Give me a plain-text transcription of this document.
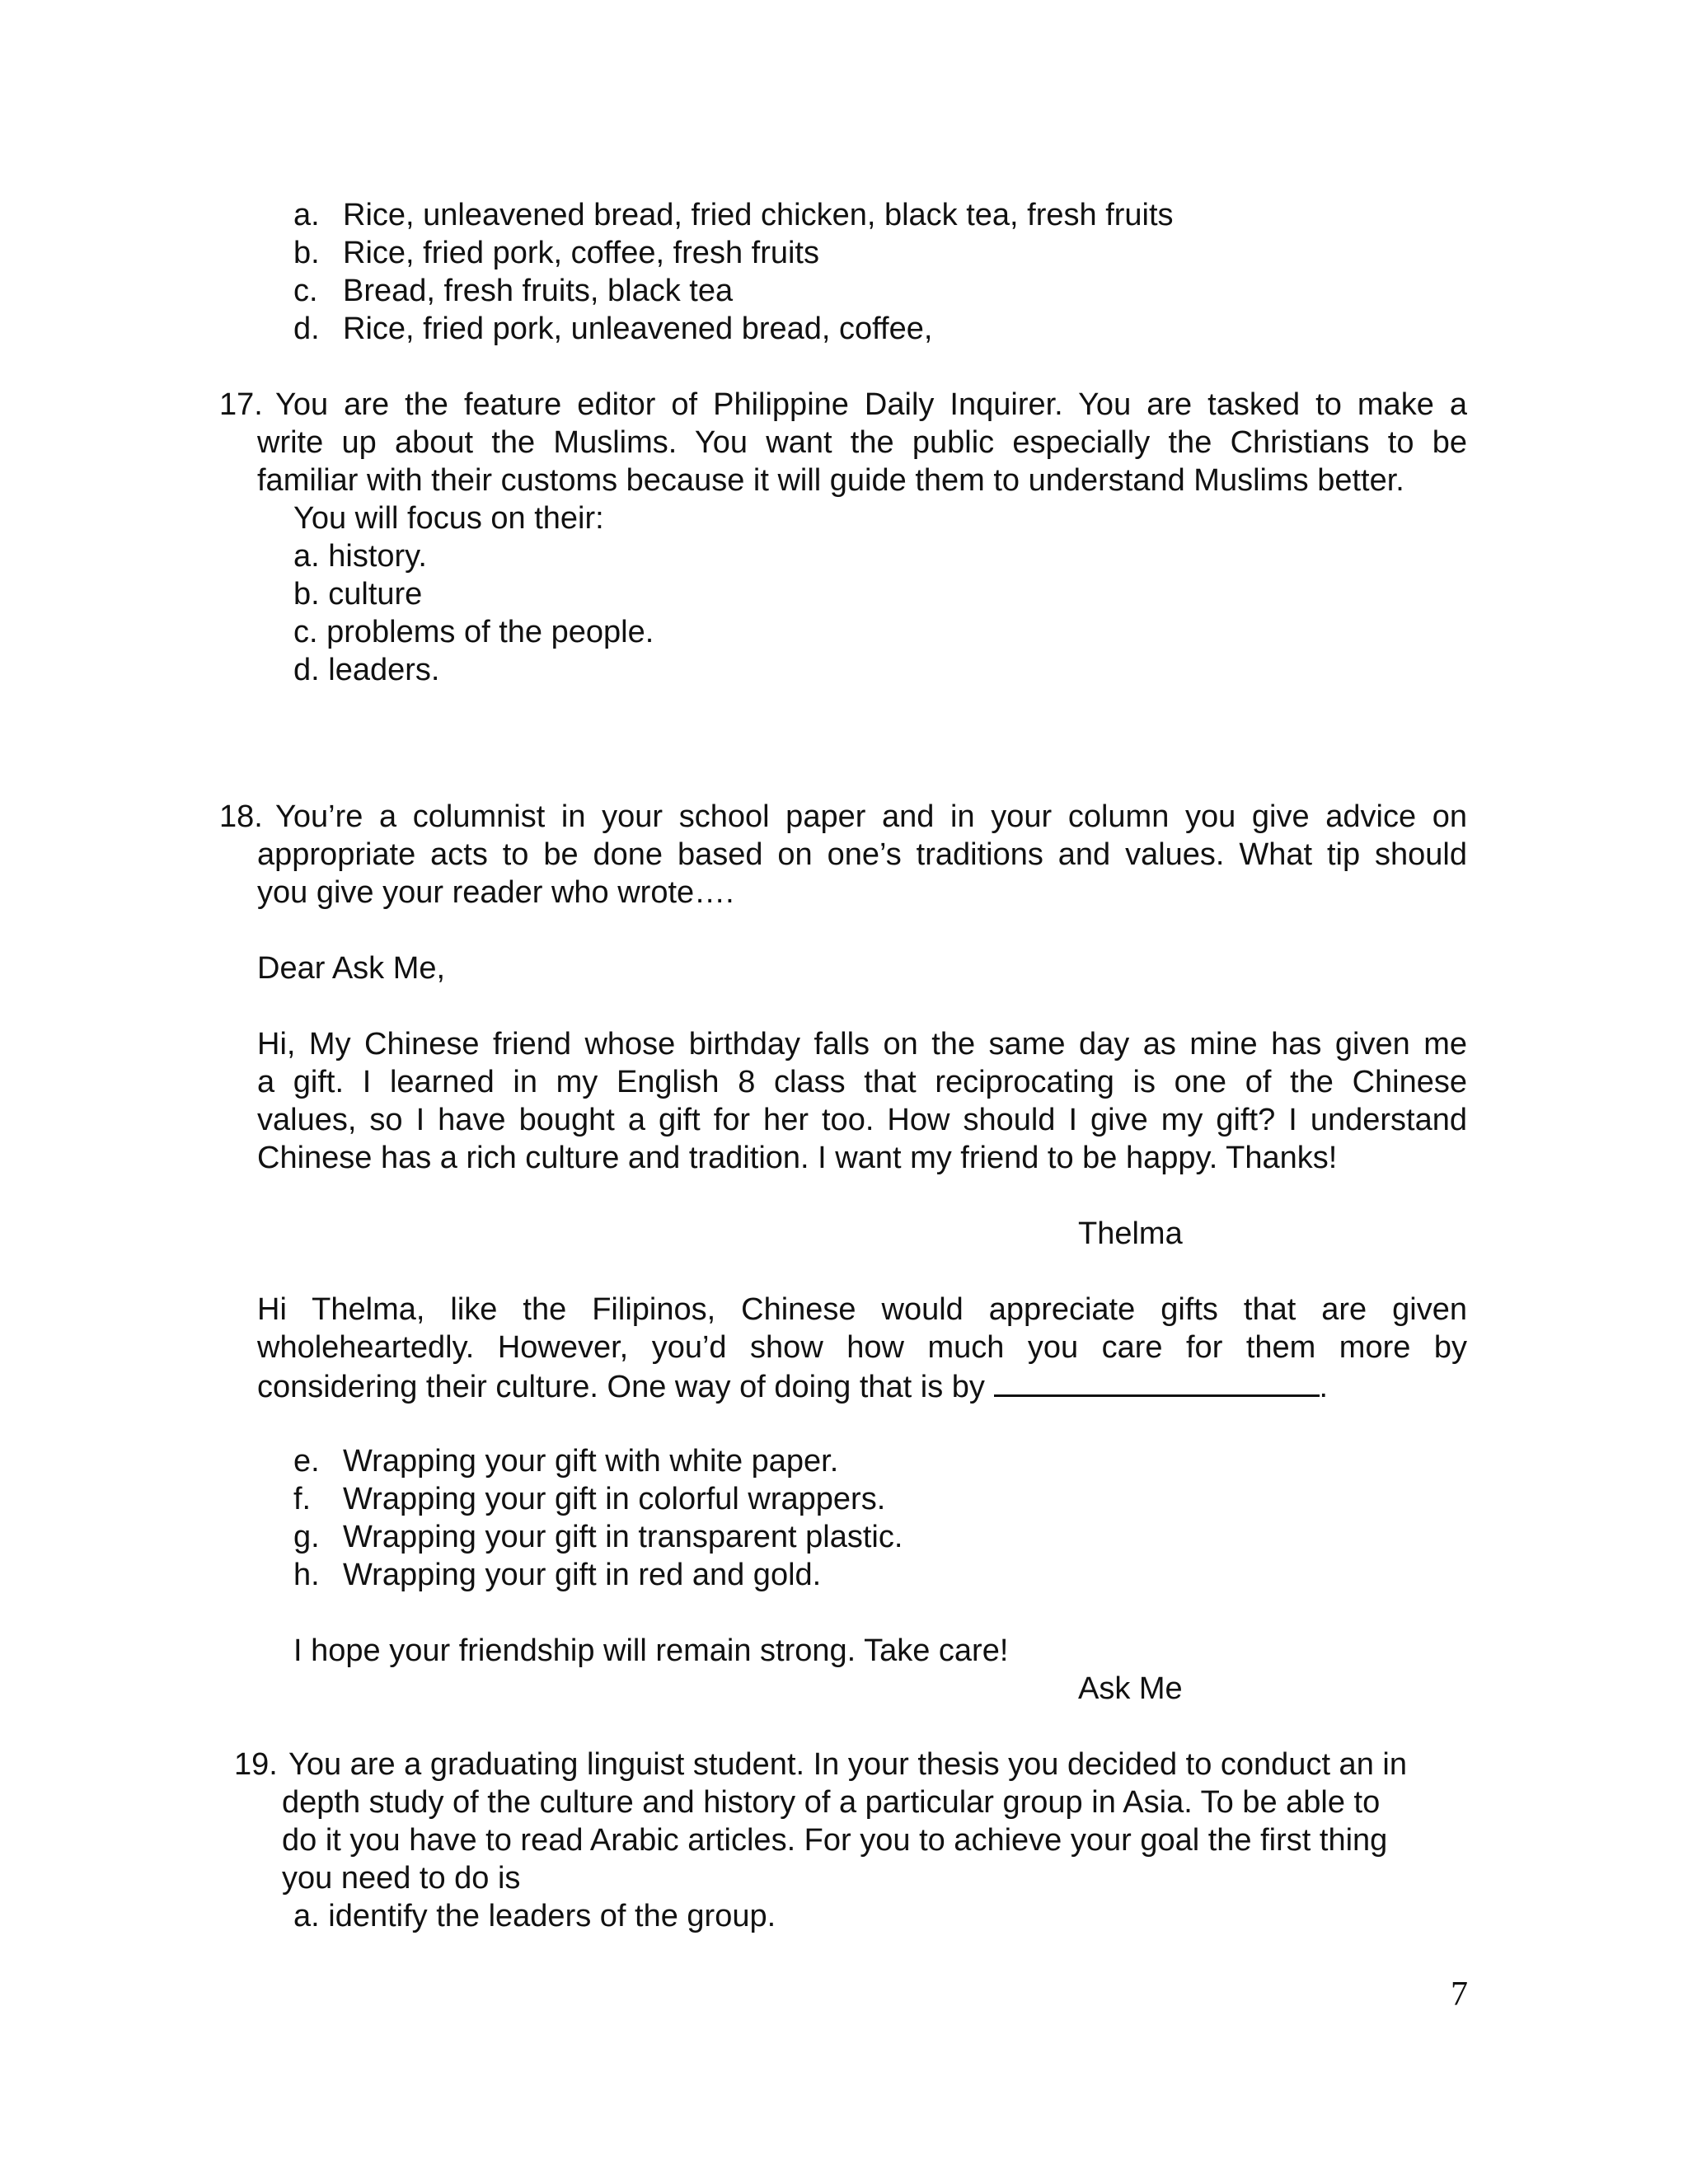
a. Rice, unleavened bread, fried chicken, black tea, fresh fruits
b. Rice, fried pork, coffee, fresh fruits
c. Bread, fresh fruits, black tea
d. Rice, fried pork, unleavened bread, coffee,
17. You are the feature editor of Philippine Daily Inquirer. You are tasked to make a
write up about the Muslims. You want the public especially the Christians to be
familiar with their customs because it will guide them to understand Muslims better.
You will focus on their:
a. history.
b. culture
c. problems of the people.
d. leaders.
18. You’re a columnist in your school paper and in your column you give advice on
appropriate acts to be done based on one’s traditions and values. What tip should
you give your reader who wrote….
Dear Ask Me,
Hi, My Chinese friend whose birthday falls on the same day as mine has given me
a gift. I learned in my English 8 class that reciprocating is one of the Chinese
values, so I have bought a gift for her too. How should I give my gift? I understand
Chinese has a rich culture and tradition. I want my friend to be happy. Thanks!
Thelma
Hi Thelma, like the Filipinos, Chinese would appreciate gifts that are given
wholeheartedly. However, you’d show how much you care for them more by
considering their culture. One way of doing that is by	.
e. Wrapping your gift with white paper.
f. Wrapping your gift in colorful wrappers.
g. Wrapping your gift in transparent plastic.
h. Wrapping your gift in red and gold.
I hope your friendship will remain strong. Take care!
Ask Me
19. You are a graduating linguist student. In your thesis you decided to conduct an in
depth study of the culture and history of a particular group in Asia. To be able to
do it you have to read Arabic articles. For you to achieve your goal the first thing
you need to do is
a. identify the leaders of the group.
7
